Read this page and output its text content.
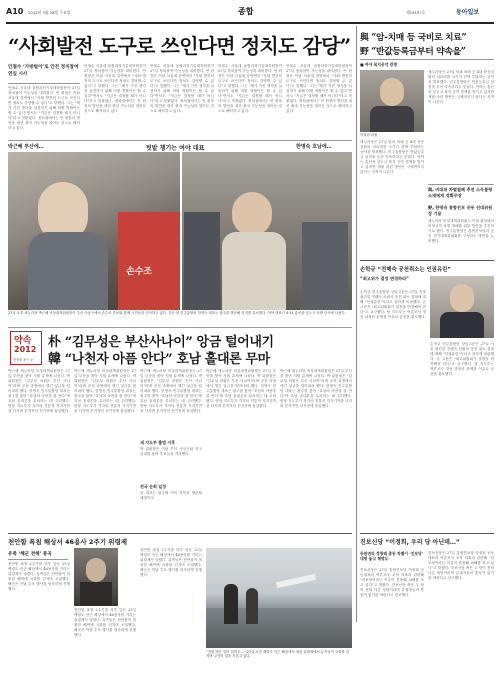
A10 2012년 3월 28일 수요일	종합	제29197호	동아일보
“사회발전 도구로 쓰인다면 정치도 감당”
안철수 ‘가방털이’로 안전 정치참여 연일 시사
안철수 서울대 융합과학기술대학원장이 27일 정치참여 가능성을 내비쳤다. 안 원장은 이날 서울대 강연에서 "사회 발전의 도구로 쓰인다면 정치도 감당할 수 있다"고 말했다. 그는 "제가 가진 생각을 실천하기 위해 어떤 역할이든 할 수 있다"면서도 "지금은 결정할 때가 아니다"라고 덧붙였다. 정치권에서는 안 원장의 발언을 대선 출마 가능성을 열어둔 것으로 해석하고 있다.
안철수 서울대 융합과학기술대학원장이 27일 정치참여 가능성을 내비쳤다. 안 원장은 이날 서울대 강연에서 "사회 발전의 도구로 쓰인다면 정치도 감당할 수 있다"고 말했다. 그는 "제가 가진 생각을 실천하기 위해 어떤 역할이든 할 수 있다"면서도 "지금은 결정할 때가 아니다"라고 덧붙였다. 정치권에서는 안 원장의 발언을 대선 출마 가능성을 열어둔 것으로 해석하고 있다.
안철수 서울대 융합과학기술대학원장이 27일 정치참여 가능성을 내비쳤다. 안 원장은 이날 서울대 강연에서 "사회 발전의 도구로 쓰인다면 정치도 감당할 수 있다"고 말했다. 그는 "제가 가진 생각을 실천하기 위해 어떤 역할이든 할 수 있다"면서도 "지금은 결정할 때가 아니다"라고 덧붙였다. 정치권에서는 안 원장의 발언을 대선 출마 가능성을 열어둔 것으로 해석하고 있다.
안철수 서울대 융합과학기술대학원장이 27일 정치참여 가능성을 내비쳤다. 안 원장은 이날 서울대 강연에서 "사회 발전의 도구로 쓰인다면 정치도 감당할 수 있다"고 말했다. 그는 "제가 가진 생각을 실천하기 위해 어떤 역할이든 할 수 있다"면서도 "지금은 결정할 때가 아니다"라고 덧붙였다. 정치권에서는 안 원장의 발언을 대선 출마 가능성을 열어둔 것으로 해석하고 있다.
안철수 서울대 융합과학기술대학원장이 27일 정치참여 가능성을 내비쳤다. 안 원장은 이날 서울대 강연에서 "사회 발전의 도구로 쓰인다면 정치도 감당할 수 있다"고 말했다. 그는 "제가 가진 생각을 실천하기 위해 어떤 역할이든 할 수 있다"면서도 "지금은 결정할 때가 아니다"라고 덧붙였다. 정치권에서는 안 원장의 발언을 대선 출마 가능성을 열어둔 것으로 해석하고 있다.
박근혜 부산에…	텃밭 챙기는 여야 대표	한명숙 호남에…
손수조
27일 오후 새누리당 박근혜 비상대책위원장이 부산 사상구에서 손수조 후보와 함께 시민들과 인사하고 있다. 같은 날 민주통합당 한명숙 대표는 광주를 방문해 지지를 호소했다. 여야 대표가 4·11 총선을 앞두고 텃밭 단속에 나섰다.
약속
2012
총선을 보는 눈
朴 “김무성은 부산사나이” 앙금 털어내기
韓 “나천자 아픔 안다” 호남 홀대론 무마
박근혜 새누리당 비상대책위원장은 27일 부산을 찾아 지원 유세에 나섰다. 박 위원장은 "김무성 의원은 부산 사나이"라며 공천 과정에서 생긴 앙금을 털어내려 했다. 한명숙 민주통합당 대표는 광주를 찾아 "호남의 아픔을 잘 안다"며 호남 홀대론을 무마하는 데 주력했다. 양당 지도부가 각각의 전통적 지지기반을 다지며 본격적인 선거전에 돌입했다.
박근혜 새누리당 비상대책위원장은 27일 부산을 찾아 지원 유세에 나섰다. 박 위원장은 "김무성 의원은 부산 사나이"라며 공천 과정에서 생긴 앙금을 털어내려 했다. 한명숙 민주통합당 대표는 광주를 찾아 "호남의 아픔을 잘 안다"며 호남 홀대론을 무마하는 데 주력했다. 양당 지도부가 각각의 전통적 지지기반을 다지며 본격적인 선거전에 돌입했다.
박근혜 새누리당 비상대책위원장은 27일 부산을 찾아 지원 유세에 나섰다. 박 위원장은 "김무성 의원은 부산 사나이"라며 공천 과정에서 생긴 앙금을 털어내려 했다. 한명숙 민주통합당 대표는 광주를 찾아 "호남의 아픔을 잘 안다"며 호남 홀대론을 무마하는 데 주력했다. 양당 지도부가 각각의 전통적 지지기반을 다지며 본격적인 선거전에 돌입했다.
새 지도부 출범 이후
박 위원장은 이날 부산 사상구와 북구 일대를 돌며 후보들을 격려했다.
전국 순회 일정
한 대표는 광주에 이어 전북을 방문할 예정이다.
박근혜 새누리당 비상대책위원장은 27일 부산을 찾아 지원 유세에 나섰다. 박 위원장은 "김무성 의원은 부산 사나이"라며 공천 과정에서 생긴 앙금을 털어내려 했다. 한명숙 민주통합당 대표는 광주를 찾아 "호남의 아픔을 잘 안다"며 호남 홀대론을 무마하는 데 주력했다. 양당 지도부가 각각의 전통적 지지기반을 다지며 본격적인 선거전에 돌입했다.
박근혜 새누리당 비상대책위원장은 27일 부산을 찾아 지원 유세에 나섰다. 박 위원장은 "김무성 의원은 부산 사나이"라며 공천 과정에서 생긴 앙금을 털어내려 했다. 한명숙 민주통합당 대표는 광주를 찾아 "호남의 아픔을 잘 안다"며 호남 홀대론을 무마하는 데 주력했다. 양당 지도부가 각각의 전통적 지지기반을 다지며 본격적인 선거전에 돌입했다.
천안함 폭침 해상서 46용사 2주기 위령제
유족 ‘해군 천해’ 통곡
천안함 폭침 2주기를 하루 앞둔 25일 백령도 인근 해상에서 46용사를 기리는 위령제가 열렸다. 유족들은 천안함이 침몰한 해역에 국화를 던지며 오열했다. 해군은 이날 추모 행사를 엄숙하게 진행했다.
천안함 폭침 2주기를 하루 앞둔 25일 백령도 인근 해상에서 46용사를 기리는 위령제가 열렸다. 유족들은 천안함이 침몰한 해역에 국화를 던지며 오열했다. 해군은 이날 추모 행사를 엄숙하게 진행했다.
천안함 폭침 2주기를 하루 앞둔 25일 백령도 인근 해상에서 46용사를 기리는 위령제가 열렸다. 유족들은 천안함이 침몰한 해역에 국화를 던지며 오열했다. 해군은 이날 추모 행사를 엄숙하게 진행했다.
“전원 벼은 말이 업어우…” 27일 오전 백령도 인근 해상에서 열린 위령제에서 유족들이 국화를 던지며 고인의 넋을 기리고 있다.
與 “암-치매 등 국비로 치료”
野 “반값등록금부터 약속을”
■ 여야 복지공약 경쟁
이정현 의원
새누리당은 27일 암과 치매 등 4대 중증질환의 치료비를 국가가 전액 부담하는 공약을 발표했다. 민주통합당은 반값등록금 실현을 우선 약속하라고 맞섰다. 여야는 총선을 앞두고 복지 공약 경쟁을 벌이고 있지만 재원 마련 방안은 구체적이지 않다는 지적이 나온다.
새누리당은 27일 암과 치매 등 4대 중증질환의 치료비를 국가가 전액 부담하는 공약을 발표했다. 민주통합당은 반값등록금 실현을 우선 약속하라고 맞섰다. 여야는 총선을 앞두고 복지 공약 경쟁을 벌이고 있지만 재원 마련 방안은 구체적이지 않다는 지적이 나온다.
與, 비대위 차별철폐 추진 소득불평 소재에게 정확주장
野, 한명숙 통합진보 공동 선대위원장 기용
새누리당 비상대책위원회는 이날 회의에서 비정규직 차별 철폐를 위한 법안을 추진하기로 했다. 민주통합당은 통합진보당과 공동 선거대책위원회를 구성하는 방안을 논의했다.
손학규 “전혜숙 공천취소는 인권유린”
“최고위가 결정 변경하라”
손학규 민주통합당 상임고문은 27일 서울 광진갑 전혜숙 의원의 공천 취소 결정에 대해 "인권유린"이라고 강하게 비판했다. 손 고문은 "최고위원회가 결정을 변경해야 한다"고 요구했다. 당 지도부는 여론조사 경선 과정의 문제를 이유로 공천을 취소했다.
손학규 민주통합당 상임고문은 27일 서울 광진갑 전혜숙 의원의 공천 취소 결정에 대해 "인권유린"이라고 강하게 비판했다. 손 고문은 "최고위원회가 결정을 변경해야 한다"고 요구했다. 당 지도부는 여론조사 경선 과정의 문제를 이유로 공천을 취소했다.
진보신당 “이정희, 우리 당 아닌데…”
동원연의 정청래 총동 차별이 ‘진보당’ 대명 놓고 해명도
진보신당은 27일 통합진보당 이정희 공동대표의 여론조사 조작 의혹과 관련해 "진보당이라는 이름이 혼용돼 피해를 보고 있다"고 밝혔다. 진보신당 측은 두 당이 전혀 다른 정당이라며 유권자들의 혼동이 없기를 바란다고 강조했다.
진보신당은 27일 통합진보당 이정희 공동대표의 여론조사 조작 의혹과 관련해 "진보당이라는 이름이 혼용돼 피해를 보고 있다"고 밝혔다. 진보신당 측은 두 당이 전혀 다른 정당이라며 유권자들의 혼동이 없기를 바란다고 강조했다.
